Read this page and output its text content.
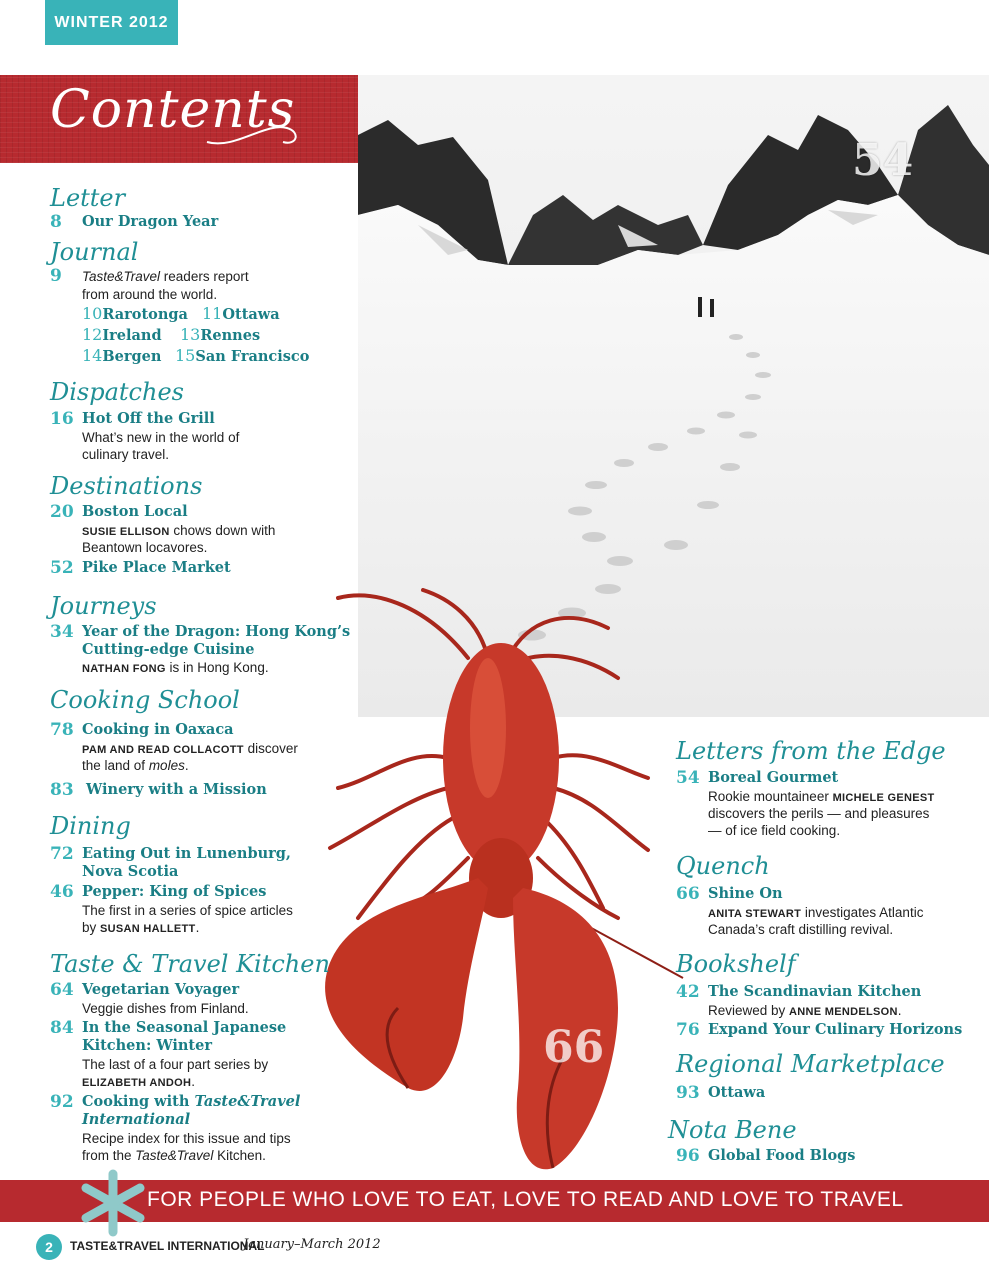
WINTER 2012
Contents
54
66
Letter
8	Our Dragon Year
Journal
9	Taste&Travel readers report
from around the world.
10Rarotonga 11Ottawa
12Ireland 13Rennes
14Bergen 15San Francisco
Dispatches
16 Hot Off the Grill
What’s new in the world of
culinary travel.
Destinations
20 Boston Local
SUSIE ELLISON chows down with
Beantown locavores.
52 Pike Place Market
Journeys
34 Year of the Dragon: Hong Kong’s
Cutting-edge Cuisine
NATHAN FONG is in Hong Kong.
Cooking School
78 Cooking in Oaxaca
PAM AND READ COLLACOTT discover
the land of moles.
83 Winery with a Mission
Dining
72 Eating Out in Lunenburg,
Nova Scotia
46 Pepper: King of Spices
The first in a series of spice articles
by SUSAN HALLETT.
Taste & Travel Kitchen
64 Vegetarian Voyager
Veggie dishes from Finland.
84 In the Seasonal Japanese
Kitchen: Winter
The last of a four part series by
ELIZABETH ANDOH.
92 Cooking with Taste&Travel
International
Recipe index for this issue and tips
from the Taste&Travel Kitchen.
Letters from the Edge
54 Boreal Gourmet
Rookie mountaineer MICHELE GENEST
discovers the perils — and pleasures
— of ice field cooking.
Quench
66 Shine On
ANITA STEWART investigates Atlantic
Canada’s craft distilling revival.
Bookshelf
42 The Scandinavian Kitchen
Reviewed by ANNE MENDELSON.
76 Expand Your Culinary Horizons
Regional Marketplace
93 Ottawa
Nota Bene
96 Global Food Blogs
FOR PEOPLE WHO LOVE TO EAT, LOVE TO READ AND LOVE TO TRAVEL
2	TASTE&TRAVEL INTERNATIONAL
January–March 2012
